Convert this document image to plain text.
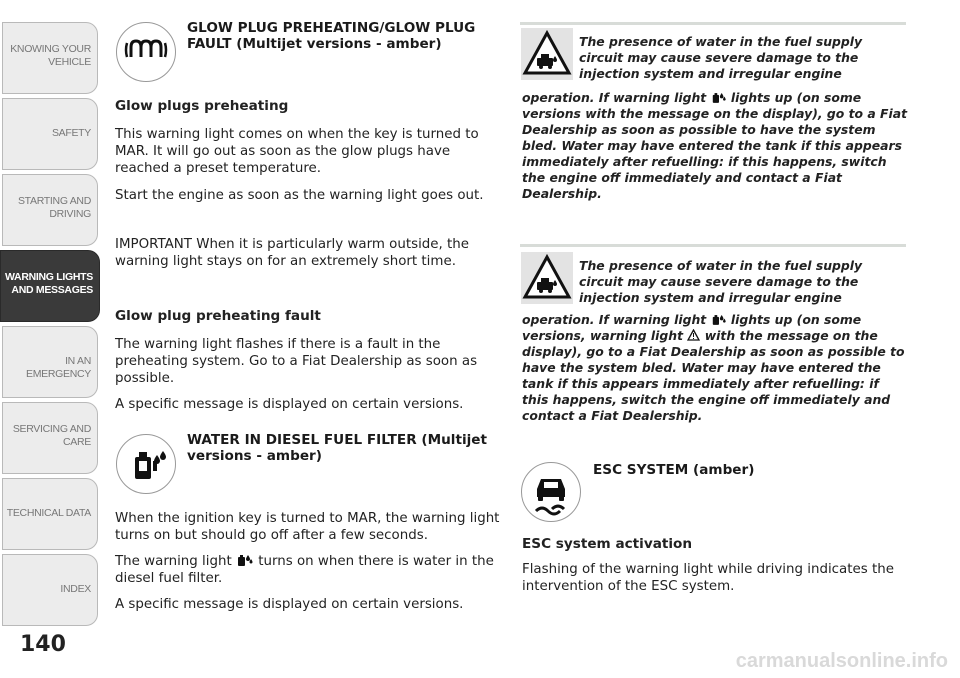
KNOWING YOUR
VEHICLE
SAFETY
STARTING AND
DRIVING
WARNING LIGHTS
AND MESSAGES
IN AN EMERGENCY
SERVICING AND
CARE
TECHNICAL DATA
INDEX
140
carmanualsonline.info
GLOW PLUG PREHEATING/GLOW PLUG FAULT (Multijet versions - amber)
Glow plugs preheating

This warning light comes on when the key is turned to MAR. It will go out as soon as the glow plugs have reached a preset temperature.

Start the engine as soon as the warning light goes out.

IMPORTANT When it is particularly warm outside, the warning light stays on for an extremely short time.

Glow plug preheating fault

The warning light flashes if there is a fault in the preheating system. Go to a Fiat Dealership as soon as possible.

A specific message is displayed on certain versions.

WATER IN DIESEL FUEL FILTER (Multijet versions - amber)

When the ignition key is turned to MAR, the warning light turns on but should go off after a few seconds.

The warning light turns on when there is water in the diesel fuel filter.

A specific message is displayed on certain versions.

The presence of water in the fuel supply circuit may cause severe damage to the injection system and irregular engine
operation. If warning light lights up (on some versions with the message on the display), go to a Fiat Dealership as soon as possible to have the system bled. Water may have entered the tank if this appears immediately after refuelling: if this happens, switch the engine off immediately and contact a Fiat Dealership.
The presence of water in the fuel supply circuit may cause severe damage to the injection system and irregular engine
operation. If warning light lights up (on some versions, warning light with the message on the display), go to a Fiat Dealership as soon as possible to have the system bled. Water may have entered the tank if this appears immediately after refuelling: if this happens, switch the engine off immediately and contact a Fiat Dealership.
ESC SYSTEM (amber)
ESC system activation

Flashing of the warning light while driving indicates the intervention of the ESC system.
